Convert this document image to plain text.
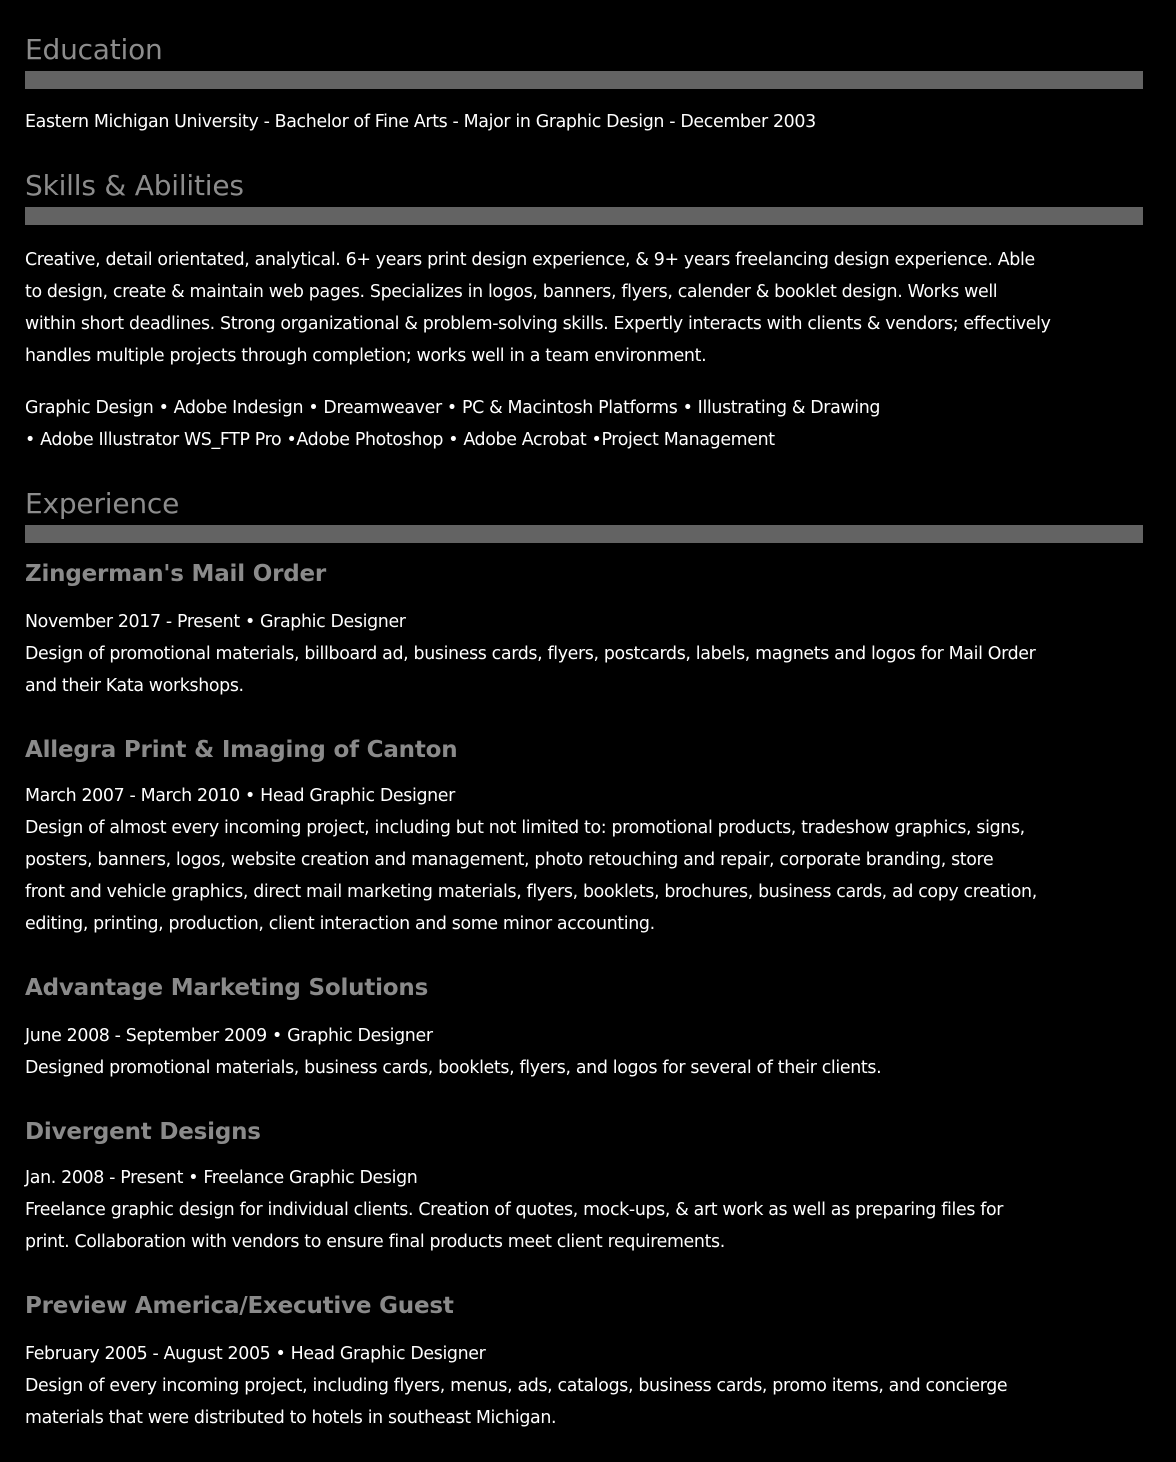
Education

Eastern Michigan University - Bachelor of Fine Arts - Major in Graphic Design - December 2003

Skills & Abilities

Creative, detail orientated, analytical. 6+ years print design experience, & 9+ years freelancing design experience. Able
to design, create & maintain web pages. Specializes in logos, banners, flyers, calender & booklet design. Works well
within short deadlines. Strong organizational & problem-solving skills. Expertly interacts with clients & vendors; effectively
handles multiple projects through completion; works well in a team environment.

Graphic Design • Adobe Indesign • Dreamweaver • PC & Macintosh Platforms • Illustrating & Drawing
• Adobe Illustrator WS_FTP Pro •Adobe Photoshop • Adobe Acrobat •Project Management

Experience
Zingerman's Mail Order

November 2017 - Present • Graphic Designer
Design of promotional materials, billboard ad, business cards, flyers, postcards, labels, magnets and logos for Mail Order
and their Kata workshops.

Allegra Print & Imaging of Canton

March 2007 - March 2010 • Head Graphic Designer
Design of almost every incoming project, including but not limited to: promotional products, tradeshow graphics, signs,
posters, banners, logos, website creation and management, photo retouching and repair, corporate branding, store
front and vehicle graphics, direct mail marketing materials, flyers, booklets, brochures, business cards, ad copy creation,
editing, printing, production, client interaction and some minor accounting.

Advantage Marketing Solutions

June 2008 - September 2009 • Graphic Designer
Designed promotional materials, business cards, booklets, flyers, and logos for several of their clients.

Divergent Designs

Jan. 2008 - Present • Freelance Graphic Design
Freelance graphic design for individual clients. Creation of quotes, mock-ups, & art work as well as preparing files for
print. Collaboration with vendors to ensure final products meet client requirements.

Preview America/Executive Guest

February 2005 - August 2005 • Head Graphic Designer
Design of every incoming project, including flyers, menus, ads, catalogs, business cards, promo items, and concierge
materials that were distributed to hotels in southeast Michigan.
